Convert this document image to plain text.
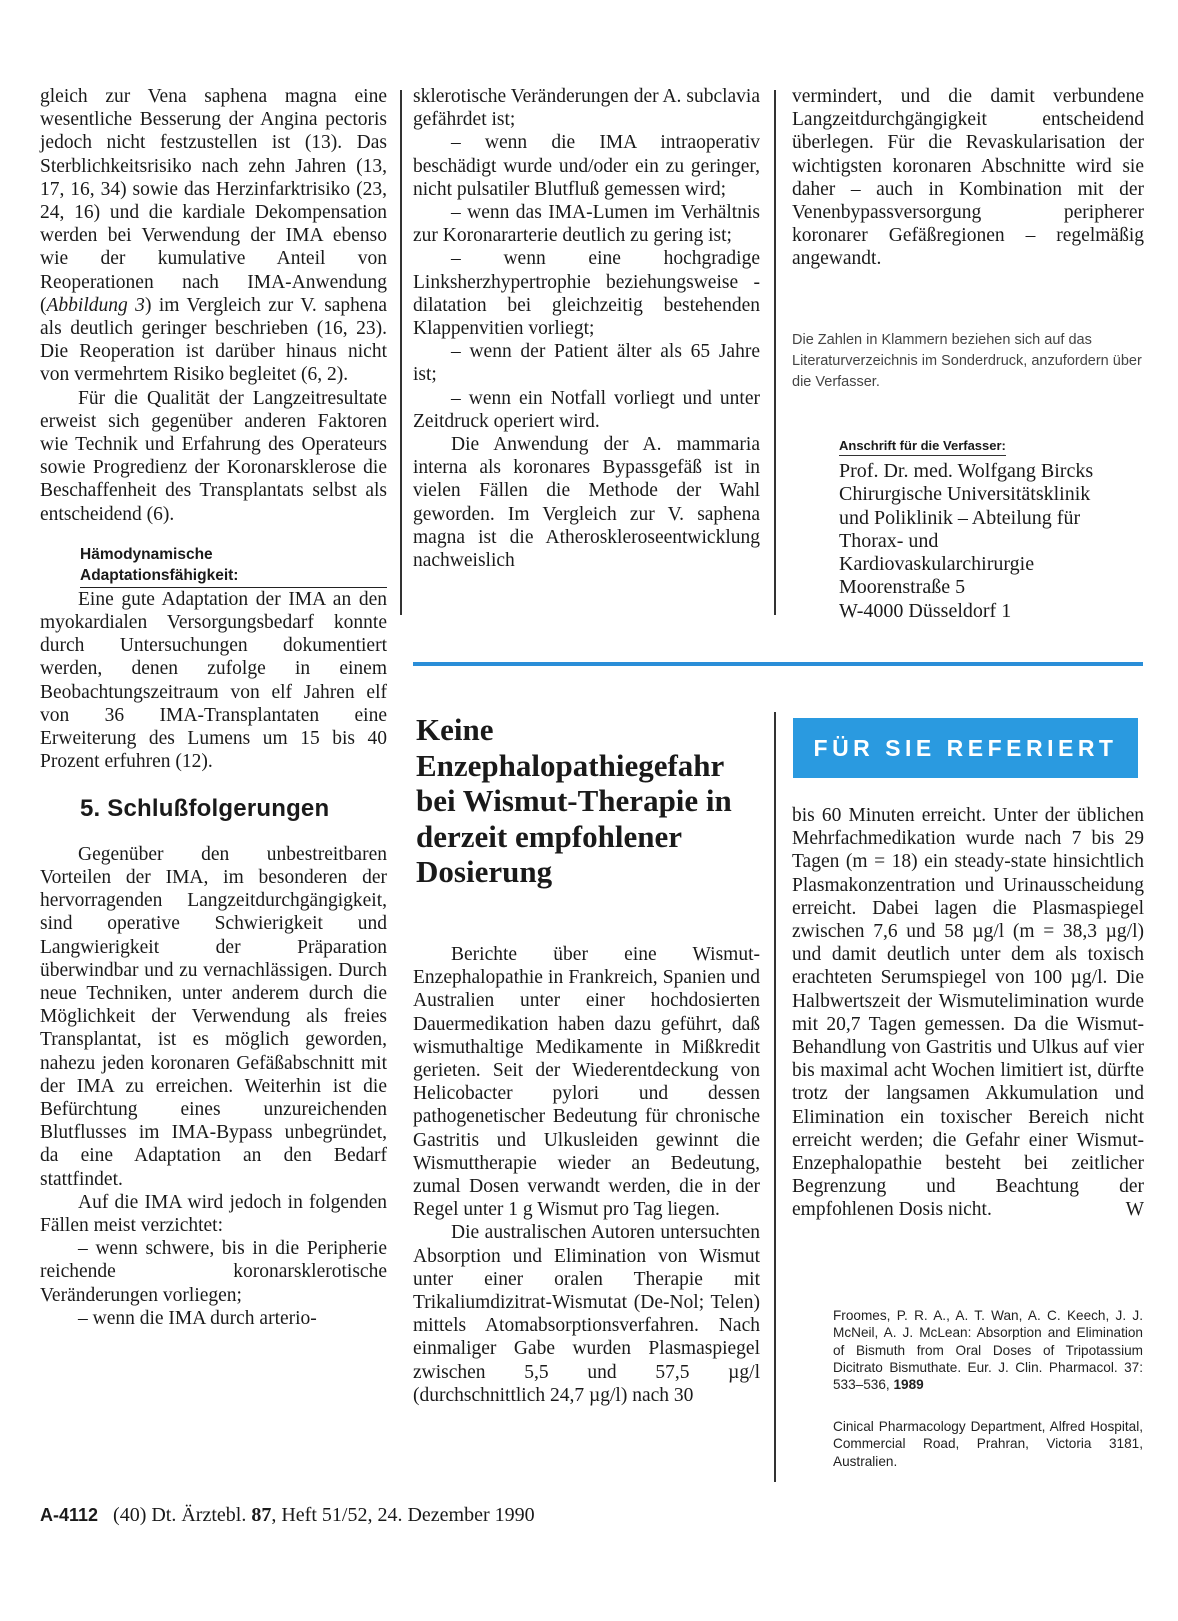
gleich zur Vena saphena magna eine wesentliche Besserung der Angina pectoris jedoch nicht festzustellen ist (13). Das Sterblichkeitsrisiko nach zehn Jahren (13, 17, 16, 34) sowie das Herzinfarktrisiko (23, 24, 16) und die kardiale Dekompensation werden bei Verwendung der IMA ebenso wie der kumulative Anteil von Reoperationen nach IMA-Anwendung (Abbildung 3) im Vergleich zur V. saphena als deutlich geringer beschrieben (16, 23). Die Reoperation ist darüber hinaus nicht von vermehrtem Risiko begleitet (6, 2).

Für die Qualität der Langzeitresultate erweist sich gegenüber anderen Faktoren wie Technik und Erfahrung des Operateurs sowie Progredienz der Koronarsklerose die Beschaffenheit des Transplantats selbst als entscheidend (6).

Hämodynamische
Adaptationsfähigkeit:

Eine gute Adaptation der IMA an den myokardialen Versorgungsbedarf konnte durch Untersuchungen dokumentiert werden, denen zufolge in einem Beobachtungszeitraum von elf Jahren elf von 36 IMA-Transplantaten eine Erweiterung des Lumens um 15 bis 40 Prozent erfuhren (12).

5. Schlußfolgerungen

Gegenüber den unbestreitbaren Vorteilen der IMA, im besonderen der hervorragenden Langzeitdurchgängigkeit, sind operative Schwierigkeit und Langwierigkeit der Präparation überwindbar und zu vernachlässigen. Durch neue Techniken, unter anderem durch die Möglichkeit der Verwendung als freies Transplantat, ist es möglich geworden, nahezu jeden koronaren Gefäßabschnitt mit der IMA zu erreichen. Weiterhin ist die Befürchtung eines unzureichenden Blutflusses im IMA-Bypass unbegründet, da eine Adaptation an den Bedarf stattfindet.

Auf die IMA wird jedoch in folgenden Fällen meist verzichtet:

– wenn schwere, bis in die Peripherie reichende koronarsklerotische Veränderungen vorliegen;

– wenn die IMA durch arterio-

sklerotische Veränderungen der A. subclavia gefährdet ist;

– wenn die IMA intraoperativ beschädigt wurde und/oder ein zu geringer, nicht pulsatiler Blutfluß gemessen wird;

– wenn das IMA-Lumen im Verhältnis zur Koronararterie deutlich zu gering ist;

– wenn eine hochgradige Linksherzhypertrophie beziehungsweise -dilatation bei gleichzeitig bestehenden Klappenvitien vorliegt;

– wenn der Patient älter als 65 Jahre ist;

– wenn ein Notfall vorliegt und unter Zeitdruck operiert wird.

Die Anwendung der A. mammaria interna als koronares Bypassgefäß ist in vielen Fällen die Methode der Wahl geworden. Im Vergleich zur V. saphena magna ist die Atheroskleroseentwicklung nachweislich

vermindert, und die damit verbundene Langzeitdurchgängigkeit entscheidend überlegen. Für die Revaskularisation der wichtigsten koronaren Abschnitte wird sie daher – auch in Kombination mit der Venenbypassversorgung peripherer koronarer Gefäßregionen – regelmäßig angewandt.

Die Zahlen in Klammern beziehen sich auf das Literaturverzeichnis im Sonderdruck, anzufordern über die Verfasser.

Anschrift für die Verfasser:
Prof. Dr. med. Wolfgang Bircks
Chirurgische Universitätsklinik
und Poliklinik – Abteilung für
Thorax- und
Kardiovaskularchirurgie
Moorenstraße 5
W-4000 Düsseldorf 1
Keine Enzephalopathiegefahr bei Wismut-Therapie in derzeit empfohlener Dosierung

Berichte über eine Wismut-Enzephalopathie in Frankreich, Spanien und Australien unter einer hochdosierten Dauermedikation haben dazu geführt, daß wismuthaltige Medikamente in Mißkredit gerieten. Seit der Wiederentdeckung von Helicobacter pylori und dessen pathogenetischer Bedeutung für chronische Gastritis und Ulkusleiden gewinnt die Wismuttherapie wieder an Bedeutung, zumal Dosen verwandt werden, die in der Regel unter 1 g Wismut pro Tag liegen.

Die australischen Autoren untersuchten Absorption und Elimination von Wismut unter einer oralen Therapie mit Trikaliumdizitrat-Wismutat (De-Nol; Telen) mittels Atomabsorptionsverfahren. Nach einmaliger Gabe wurden Plasmaspiegel zwischen 5,5 und 57,5 µg/l (durchschnittlich 24,7 µg/l) nach 30

FÜR SIE REFERIERT

bis 60 Minuten erreicht. Unter der üblichen Mehrfachmedikation wurde nach 7 bis 29 Tagen (m = 18) ein steady-state hinsichtlich Plasmakonzentration und Urinausscheidung erreicht. Dabei lagen die Plasmaspiegel zwischen 7,6 und 58 µg/l (m = 38,3 µg/l) und damit deutlich unter dem als toxisch erachteten Serumspiegel von 100 µg/l. Die Halbwertszeit der Wismutelimination wurde mit 20,7 Tagen gemessen. Da die Wismut-Behandlung von Gastritis und Ulkus auf vier bis maximal acht Wochen limitiert ist, dürfte trotz der langsamen Akkumulation und Elimination ein toxischer Bereich nicht erreicht werden; die Gefahr einer Wismut-Enzephalopathie besteht bei zeitlicher Begrenzung und Beachtung der empfohlenen Dosis nicht.	W

Froomes, P. R. A., A. T. Wan, A. C. Keech, J. J. McNeil, A. J. McLean: Absorption and Elimination of Bismuth from Oral Doses of Tripotassium Dicitrato Bismuthate. Eur. J. Clin. Pharmacol. 37: 533–536, 1989

Cinical Pharmacology Department, Alfred Hospital, Commercial Road, Prahran, Victoria 3181, Australien.

A-4112 (40) Dt. Ärztebl. 87, Heft 51/52, 24. Dezember 1990
